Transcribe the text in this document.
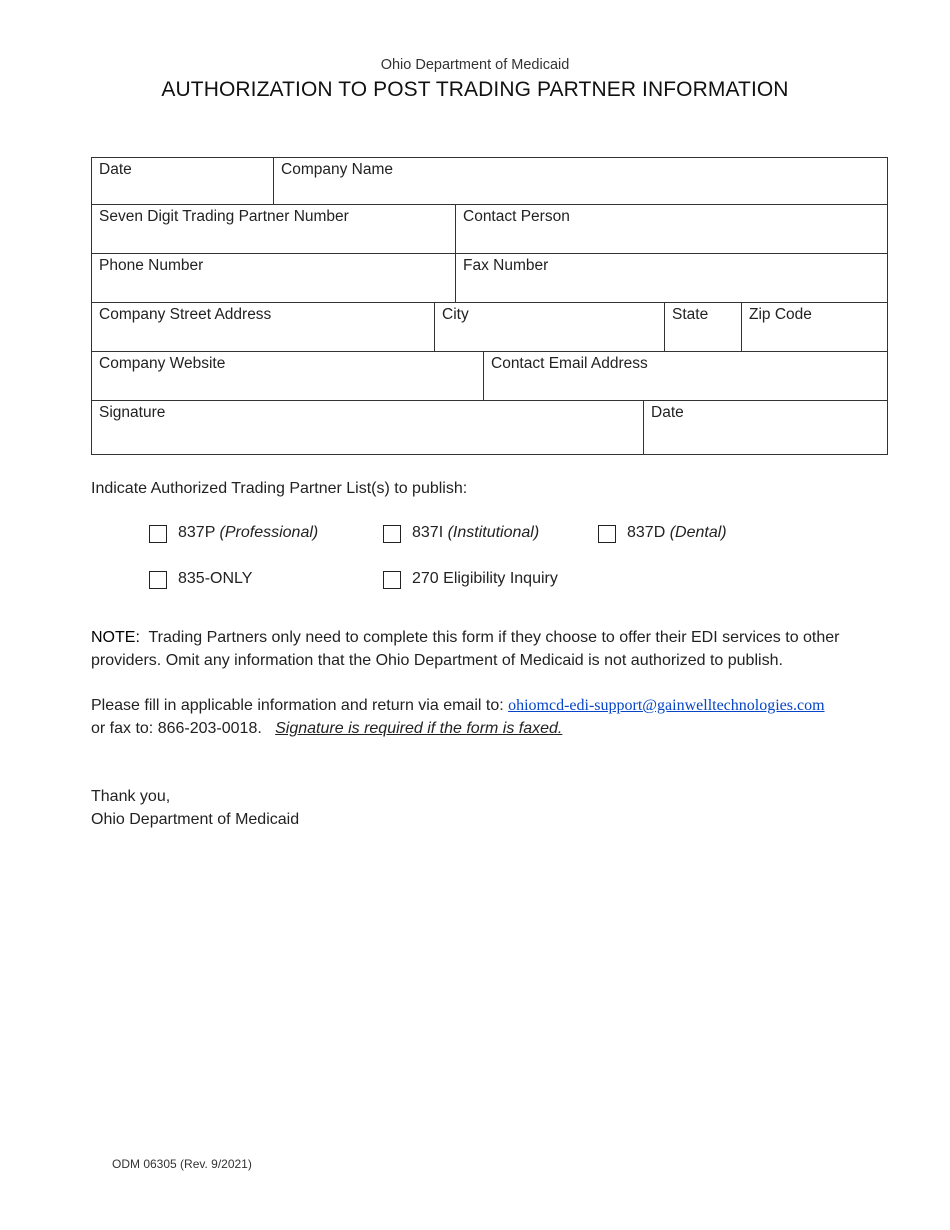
Ohio Department of Medicaid
AUTHORIZATION TO POST TRADING PARTNER INFORMATION
Date	Company Name
Seven Digit Trading Partner Number	Contact Person
Phone Number	Fax Number
Company Street Address	City	State	Zip Code
Company Website	Contact Email Address
Signature	Date
Indicate Authorized Trading Partner List(s) to publish:
837P (Professional)	837I (Institutional)	837D (Dental)
835-ONLY	270 Eligibility Inquiry
NOTE: Trading Partners only need to complete this form if they choose to offer their EDI services to other providers. Omit any information that the Ohio Department of Medicaid is not authorized to publish.
Please fill in applicable information and return via email to: ohiomcd-edi-support@gainwelltechnologies.com
or fax to: 866-203-0018. Signature is required if the form is faxed.
Thank you,
Ohio Department of Medicaid
ODM 06305 (Rev. 9/2021)
